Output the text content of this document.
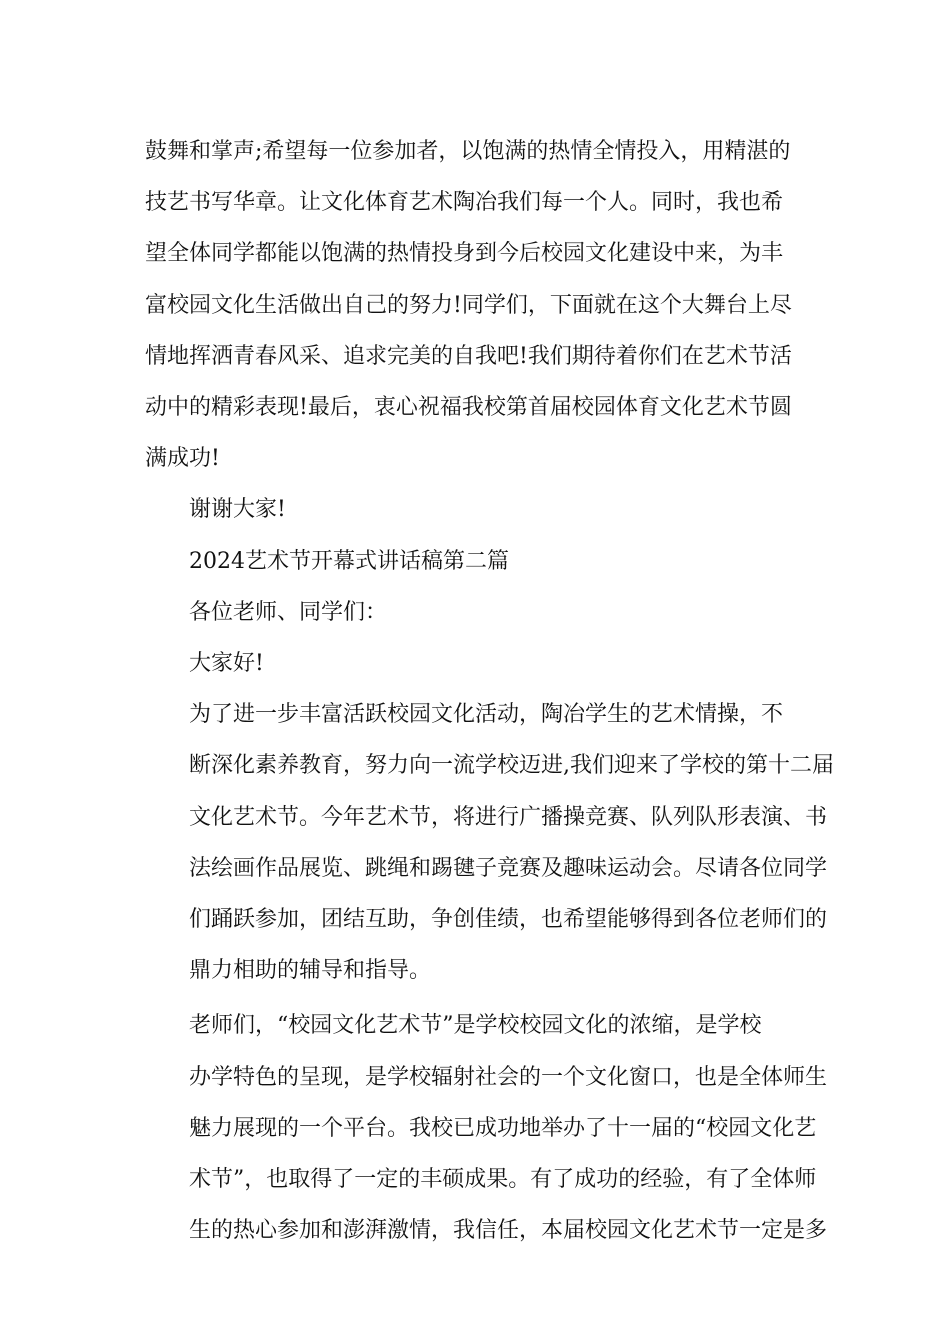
鼓舞和掌声;希望每一位参加者，以饱满的热情全情投入，用精湛的
技艺书写华章。让文化体育艺术陶冶我们每一个人。同时，我也希
望全体同学都能以饱满的热情投身到今后校园文化建设中来，为丰
富校园文化生活做出自己的努力!同学们，下面就在这个大舞台上尽
情地挥洒青春风采、追求完美的自我吧!我们期待着你们在艺术节活
动中的精彩表现!最后，衷心祝福我校第首届校园体育文化艺术节圆
满成功!

谢谢大家!

2024艺术节开幕式讲话稿第二篇

各位老师、同学们：

大家好!

为了进一步丰富活跃校园文化活动，陶冶学生的艺术情操，不
断深化素养教育，努力向一流学校迈进,我们迎来了学校的第十二届
文化艺术节。今年艺术节，将进行广播操竞赛、队列队形表演、书
法绘画作品展览、跳绳和踢毽子竞赛及趣味运动会。尽请各位同学
们踊跃参加，团结互助，争创佳绩，也希望能够得到各位老师们的
鼎力相助的辅导和指导。

老师们，“校园文化艺术节”是学校校园文化的浓缩，是学校
办学特色的呈现，是学校辐射社会的一个文化窗口，也是全体师生
魅力展现的一个平台。我校已成功地举办了十一届的“校园文化艺
术节”，也取得了一定的丰硕成果。有了成功的经验，有了全体师
生的热心参加和澎湃激情，我信任，本届校园文化艺术节一定是多
